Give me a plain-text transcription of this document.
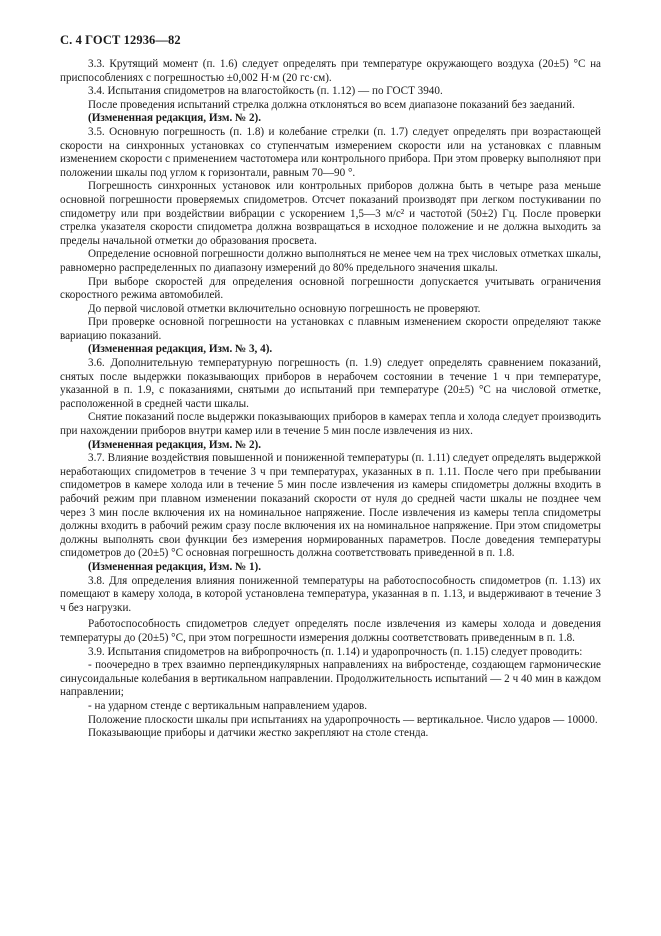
С. 4 ГОСТ 12936—82

3.3. Крутящий момент (п. 1.6) следует определять при температуре окружающего воздуха (20±5) °С на приспособлениях с погрешностью ±0,002 Н·м (20 гс·см).

3.4. Испытания спидометров на влагостойкость (п. 1.12) — по ГОСТ 3940.

После проведения испытаний стрелка должна отклоняться во всем диапазоне показаний без заеданий.

(Измененная редакция, Изм. № 2).

3.5. Основную погрешность (п. 1.8) и колебание стрелки (п. 1.7) следует определять при возрастающей скорости на синхронных установках со ступенчатым измерением скорости или на установках с плавным изменением скорости с применением частотомера или контрольного прибора. При этом проверку выполняют при положении шкалы под углом к горизонтали, равным 70—90 °.

Погрешность синхронных установок или контрольных приборов должна быть в четыре раза меньше основной погрешности проверяемых спидометров. Отсчет показаний производят при легком постукивании по спидометру или при воздействии вибрации с ускорением 1,5—3 м/с² и частотой (50±2) Гц. После проверки стрелка указателя скорости спидометра должна возвращаться в исходное положение и не должна выходить за пределы начальной отметки до образования просвета.

Определение основной погрешности должно выполняться не менее чем на трех числовых отметках шкалы, равномерно распределенных по диапазону измерений до 80% предельного значения шкалы.

При выборе скоростей для определения основной погрешности допускается учитывать ограничения скоростного режима автомобилей.

До первой числовой отметки включительно основную погрешность не проверяют.

При проверке основной погрешности на установках с плавным изменением скорости определяют также вариацию показаний.

(Измененная редакция, Изм. № 3, 4).

3.6. Дополнительную температурную погрешность (п. 1.9) следует определять сравнением показаний, снятых после выдержки показывающих приборов в нерабочем состоянии в течение 1 ч при температуре, указанной в п. 1.9, с показаниями, снятыми до испытаний при температуре (20±5) °С на числовой отметке, расположенной в средней части шкалы.

Снятие показаний после выдержки показывающих приборов в камерах тепла и холода следует производить при нахождении приборов внутри камер или в течение 5 мин после извлечения из них.

(Измененная редакция, Изм. № 2).

3.7. Влияние воздействия повышенной и пониженной температуры (п. 1.11) следует определять выдержкой неработающих спидометров в течение 3 ч при температурах, указанных в п. 1.11. После чего при пребывании спидометров в камере холода или в течение 5 мин после извлечения из камеры спидометры должны входить в рабочий режим при плавном изменении показаний скорости от нуля до средней части шкалы не позднее чем через 3 мин после включения их на номинальное напряжение. После извлечения из камеры тепла спидометры должны входить в рабочий режим сразу после включения их на номинальное напряжение. При этом спидометры должны выполнять свои функции без измерения нормированных параметров. После доведения температуры спидометров до (20±5) °С основная погрешность должна соответствовать приведенной в п. 1.8.

(Измененная редакция, Изм. № 1).

3.8. Для определения влияния пониженной температуры на работоспособность спидометров (п. 1.13) их помещают в камеру холода, в которой установлена температура, указанная в п. 1.13, и выдерживают в течение 3 ч без нагрузки.

Работоспособность спидометров следует определять после извлечения из камеры холода и доведения температуры до (20±5) °С, при этом погрешности измерения должны соответствовать приведенным в п. 1.8.

3.9. Испытания спидометров на вибропрочность (п. 1.14) и ударопрочность (п. 1.15) следует проводить:

- поочередно в трех взаимно перпендикулярных направлениях на вибростенде, создающем гармонические синусоидальные колебания в вертикальном направлении. Продолжительность испытаний — 2 ч 40 мин в каждом направлении;

- на ударном стенде с вертикальным направлением ударов.

Положение плоскости шкалы при испытаниях на ударопрочность — вертикальное. Число ударов — 10000.

Показывающие приборы и датчики жестко закрепляют на столе стенда.
